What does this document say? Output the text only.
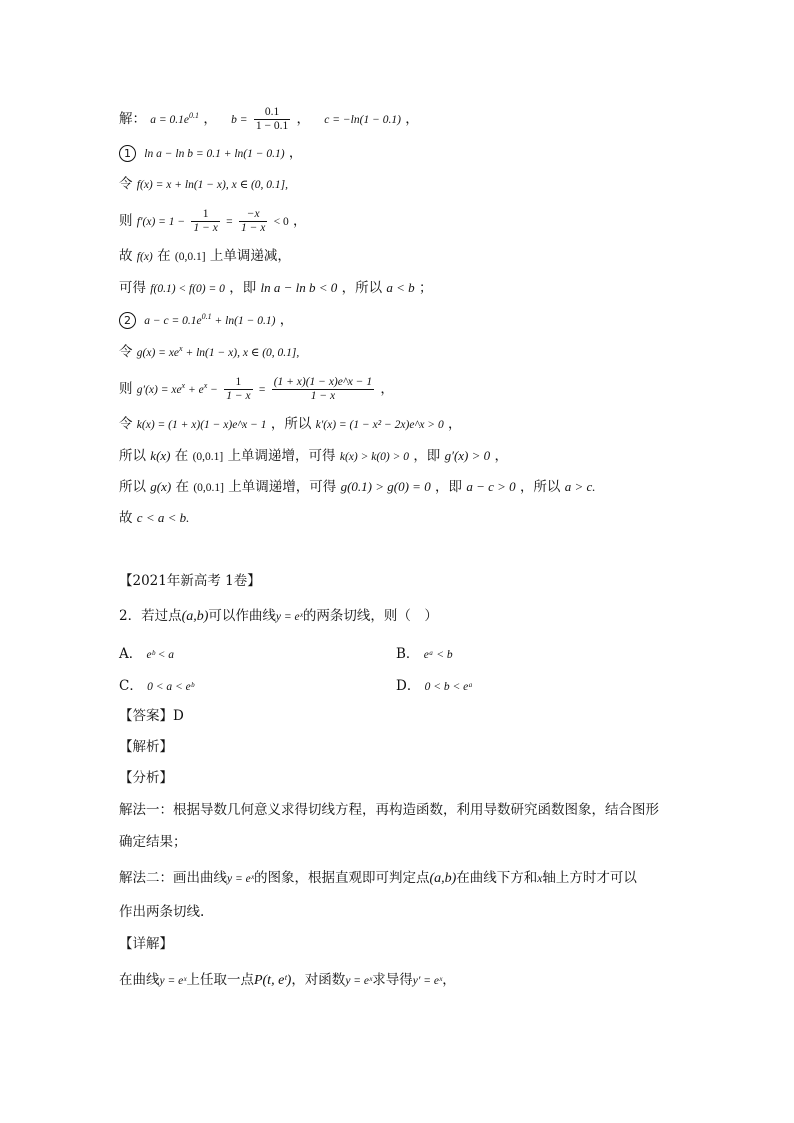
解： $a = 0.1e^{0.1}$ ， $b = \frac{0.1}{1 - 0.1}$ ， c = −ln(1 − 0.1) ，
1 ln a − ln b = 0.1 + ln(1 − 0.1) ，
令 f(x) = x + ln(1 − x), x ∈ (0, 0.1],
则 $f'(x) = 1 - \frac{1}{1 - x} = \frac{-x}{1 - x} < 0$ ，
故 f(x) 在 (0,0.1] 上单调递减，
可得 f(0.1) < f(0) = 0 ，即 ln a − ln b < 0 ，所以 a < b ；
2 $a - c = 0.1e^{0.1} + \ln(1 - 0.1)$ ，
令 $g(x) = xe^x + \ln(1 - x)$, x ∈ (0, 0.1],
则 $g'(x) = xe^x + e^x - \frac{1}{1 - x} = \frac{(1 + x)(1 - x)e\^{}x - 1}{1 - x}$ ，
令 k(x) = (1 + x)(1 − x)e^x − 1 ，所以 k′(x) = (1 − x² − 2x)e^x > 0 ，
所以 k(x) 在 (0,0.1] 上单调递增，可得 k(x) > k(0) > 0 ，即 g′(x) > 0 ，
所以 g(x) 在 (0,0.1] 上单调递增，可得 g(0.1) > g(0) = 0 ，即 a − c > 0 ，所以 a > c.
故 c < a < b.
【2021年新高考 1卷】
2．若过点(a,b)可以作曲线y = eˣ的两条切线，则（　）
A． eᵇ < a	B． eᵃ < b
C． 0 < a < eᵇ	D． 0 < b < eᵃ
【答案】D
【解析】
【分析】
解法一：根据导数几何意义求得切线方程，再构造函数，利用导数研究函数图象，结合图形
确定结果；
解法二：画出曲线y = eˣ的图象，根据直观即可判定点(a,b)在曲线下方和x轴上方时才可以
作出两条切线.
【详解】
在曲线y = eˣ上任取一点P(t, eᵗ)，对函数y = eˣ求导得y′ = eˣ，
